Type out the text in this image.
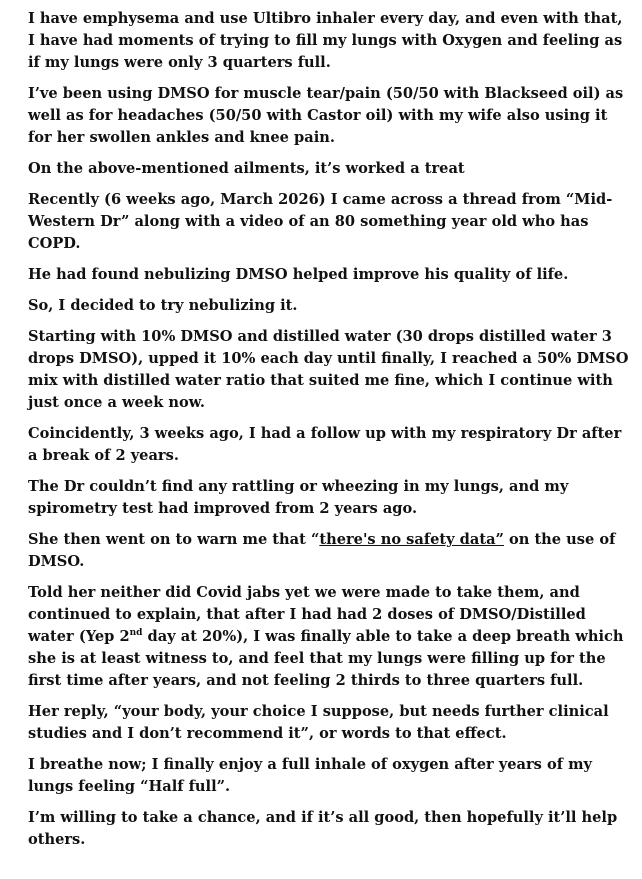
I have emphysema and use Ultibro inhaler every day, and even with that, I have had moments of trying to fill my lungs with Oxygen and feeling as if my lungs were only 3 quarters full.

I’ve been using DMSO for muscle tear/pain (50/50 with Blackseed oil) as well as for headaches (50/50 with Castor oil) with my wife also using it for her swollen ankles and knee pain.

On the above-mentioned ailments, it’s worked a treat

Recently (6 weeks ago, March 2026) I came across a thread from “Mid-Western Dr” along with a video of an 80 something year old who has COPD.

He had found nebulizing DMSO helped improve his quality of life.

So, I decided to try nebulizing it.

Starting with 10% DMSO and distilled water (30 drops distilled water 3 drops DMSO), upped it 10% each day until finally, I reached a 50% DMSO mix with distilled water ratio that suited me fine, which I continue with just once a week now.

Coincidently, 3 weeks ago, I had a follow up with my respiratory Dr after a break of 2 years.

The Dr couldn’t find any rattling or wheezing in my lungs, and my spirometry test had improved from 2 years ago.

She then went on to warn me that “there's no safety data” on the use of DMSO.

Told her neither did Covid jabs yet we were made to take them, and continued to explain, that after I had had 2 doses of DMSO/Distilled water (Yep 2nd day at 20%), I was finally able to take a deep breath which she is at least witness to, and feel that my lungs were filling up for the first time after years, and not feeling 2 thirds to three quarters full.

Her reply, “your body, your choice I suppose, but needs further clinical studies and I don’t recommend it”, or words to that effect.

I breathe now; I finally enjoy a full inhale of oxygen after years of my lungs feeling “Half full”.

I’m willing to take a chance, and if it’s all good, then hopefully it’ll help others.
